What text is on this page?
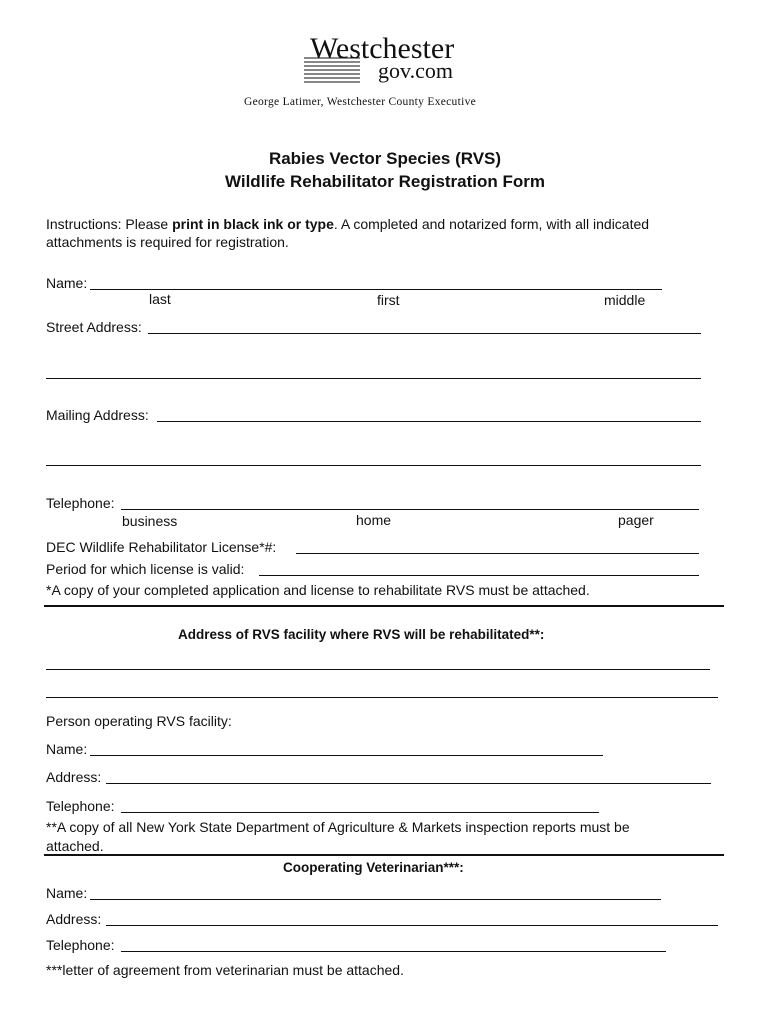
Westchester
gov.com
George Latimer, Westchester County Executive
Rabies Vector Species (RVS)
Wildlife Rehabilitator Registration Form
Instructions: Please print in black ink or type. A completed and notarized form, with all indicated
attachments is required for registration.
Name:
last	first	middle
Street Address:
Mailing Address:
Telephone:
business	home	pager
DEC Wildlife Rehabilitator License*#:
Period for which license is valid:
*A copy of your completed application and license to rehabilitate RVS must be attached.
Address of RVS facility where RVS will be rehabilitated**:
Person operating RVS facility:
Name:
Address:
Telephone:
**A copy of all New York State Department of Agriculture & Markets inspection reports must be
attached.
Cooperating Veterinarian***:
Name:
Address:
Telephone:
***letter of agreement from veterinarian must be attached.
